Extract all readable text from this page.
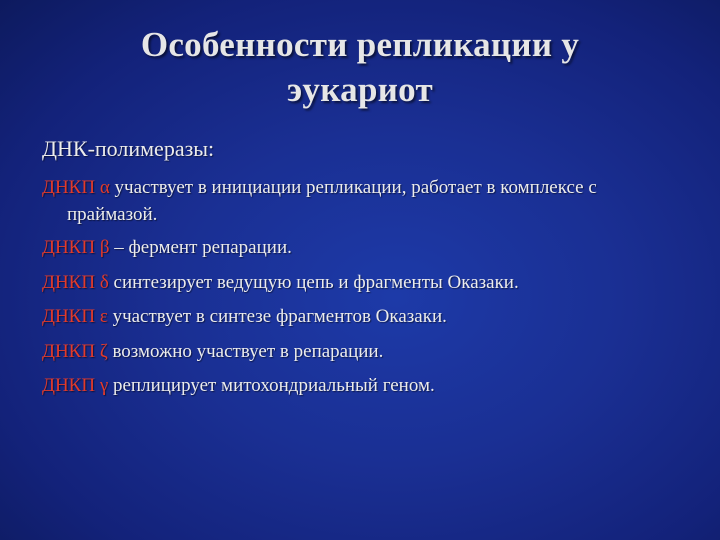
Особенности репликации у
эукариот
ДНК-полимеразы:
ДНКП α участвует в инициации репликации, работает в комплексе с праймазой.
ДНКП β – фермент репарации.
ДНКП δ синтезирует ведущую цепь и фрагменты Оказаки.
ДНКП ε участвует в синтезе фрагментов Оказаки.
ДНКП ζ возможно участвует в репарации.
ДНКП γ реплицирует митохондриальный геном.
